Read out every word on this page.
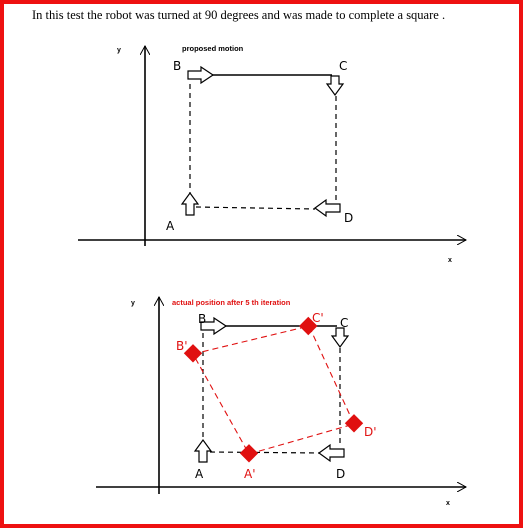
In this test the robot was turned at 90 degrees and was made to complete a square .
y
x
proposed motion
B	C
D
A
y
x
actual position after 5 th iteration
B	C
D
A
B'
C'
D'
A'
